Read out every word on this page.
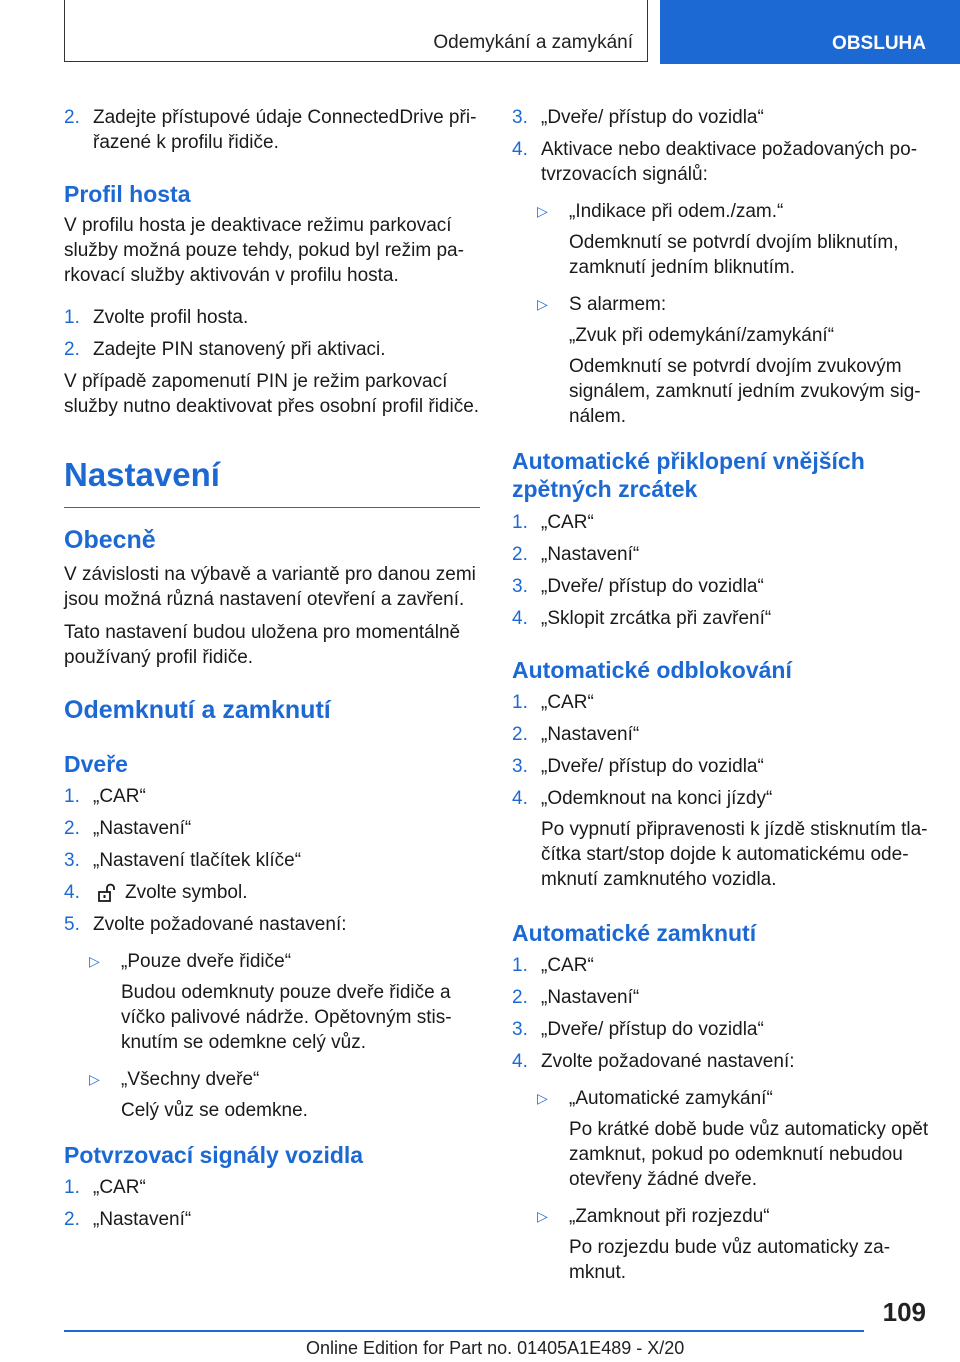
Odemykání a zamykání	OBSLUHA
2. Zadejte přístupové údaje ConnectedDrive přiřazené k profilu řidiče.
Profil hosta
V profilu hosta je deaktivace režimu parkovací služby možná pouze tehdy, pokud byl režim parkovací služby aktivován v profilu hosta.
1. Zvolte profil hosta.
2. Zadejte PIN stanovený při aktivaci.
V případě zapomenutí PIN je režim parkovací služby nutno deaktivovat přes osobní profil řidiče.
Nastavení
Obecně
V závislosti na výbavě a variantě pro danou zemi jsou možná různá nastavení otevření a zavření.
Tato nastavení budou uložena pro momentálně používaný profil řidiče.
Odemknutí a zamknutí
Dveře
1. „CAR“
2. „Nastavení“
3. „Nastavení tlačítek klíče“
4. Zvolte symbol.
5. Zvolte požadované nastavení:
▷ „Pouze dveře řidiče“
Budou odemknuty pouze dveře řidiče a víčko palivové nádrže. Opětovným stisknutím se odemkne celý vůz.
▷ „Všechny dveře“
Celý vůz se odemkne.
Potvrzovací signály vozidla
1. „CAR“
2. „Nastavení“
3. „Dveře/ přístup do vozidla“
4. Aktivace nebo deaktivace požadovaných potvrzovacích signálů:
▷ „Indikace při odem./zam.“
Odemknutí se potvrdí dvojím bliknutím, zamknutí jedním bliknutím.
▷ S alarmem:
„Zvuk při odemykání/zamykání“
Odemknutí se potvrdí dvojím zvukovým signálem, zamknutí jedním zvukovým signálem.
Automatické přiklopení vnějších zpětných zrcátek
1. „CAR“
2. „Nastavení“
3. „Dveře/ přístup do vozidla“
4. „Sklopit zrcátka při zavření“
Automatické odblokování
1. „CAR“
2. „Nastavení“
3. „Dveře/ přístup do vozidla“
4. „Odemknout na konci jízdy“
Po vypnutí připravenosti k jízdě stisknutím tlačítka start/stop dojde k automatickému odemknutí zamknutého vozidla.
Automatické zamknutí
1. „CAR“
2. „Nastavení“
3. „Dveře/ přístup do vozidla“
4. Zvolte požadované nastavení:
▷ „Automatické zamykání“
Po krátké době bude vůz automaticky opět zamknut, pokud po odemknutí nebudou otevřeny žádné dveře.
▷ „Zamknout při rozjezdu“
Po rozjezdu bude vůz automaticky zamknut.
109
Online Edition for Part no. 01405A1E489 - X/20
